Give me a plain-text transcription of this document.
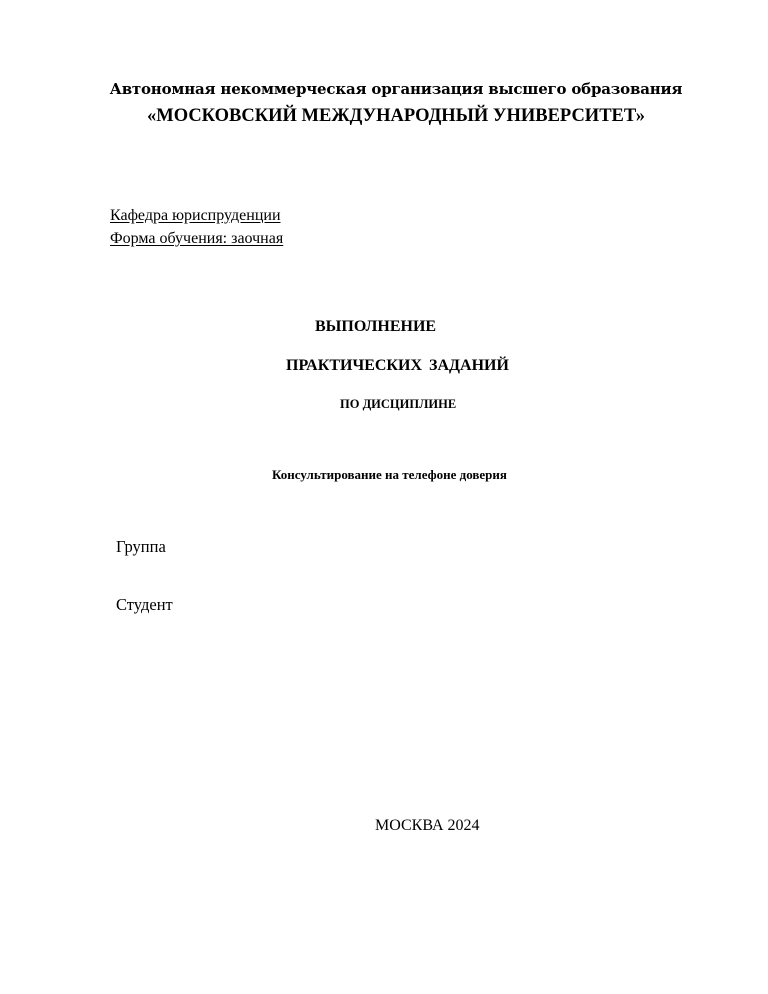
Автономная некоммерческая организация высшего образования
«МОСКОВСКИЙ МЕЖДУНАРОДНЫЙ УНИВЕРСИТЕТ»
Кафедра юриспруденции
Форма обучения: заочная
ВЫПОЛНЕНИЕ
ПРАКТИЧЕСКИХ ЗАДАНИЙ
ПО ДИСЦИПЛИНЕ
Консультирование на телефоне доверия
Группа
Студент
МОСКВА 2024
